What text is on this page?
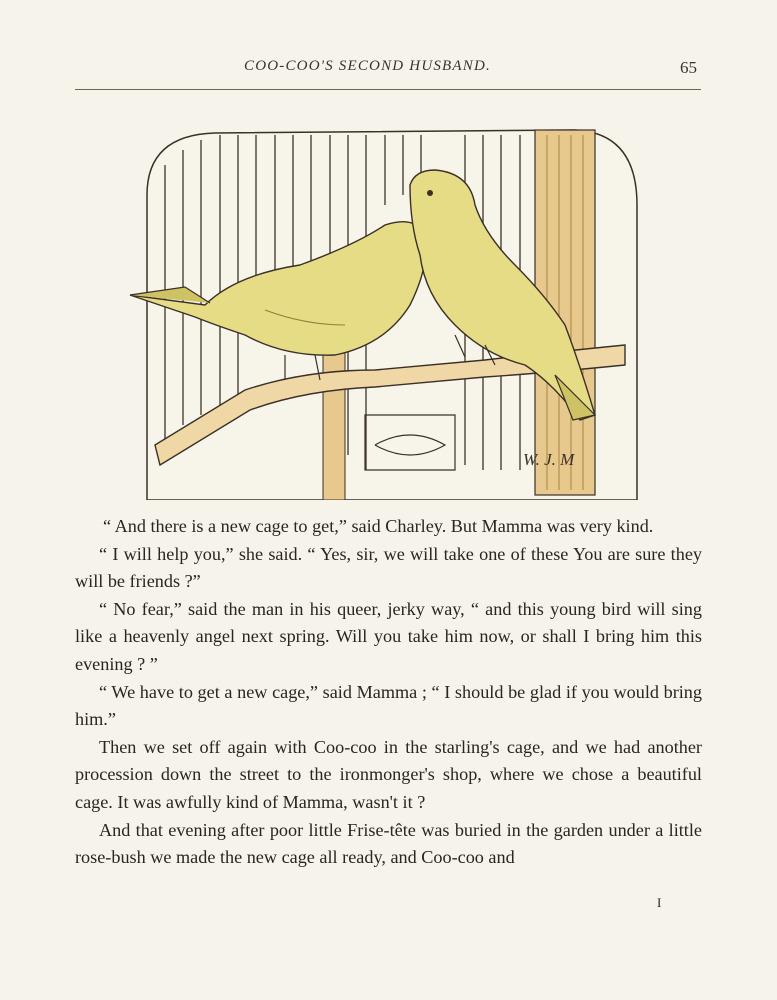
COO-COO'S SECOND HUSBAND.	65
W. J. M

“ And there is a new cage to get,” said Charley. But Mamma was very kind.

“ I will help you,” she said. “ Yes, sir, we will take one of these You are sure they will be friends ?”

“ No fear,” said the man in his queer, jerky way, “ and this young bird will sing like a heavenly angel next spring. Will you take him now, or shall I bring him this evening ? ”

“ We have to get a new cage,” said Mamma ; “ I should be glad if you would bring him.”

Then we set off again with Coo-coo in the starling's cage, and we had another procession down the street to the ironmonger's shop, where we chose a beautiful cage. It was awfully kind of Mamma, wasn't it ?

And that evening after poor little Frise-tête was buried in the garden under a little rose-bush we made the new cage all ready, and Coo-coo and

I
